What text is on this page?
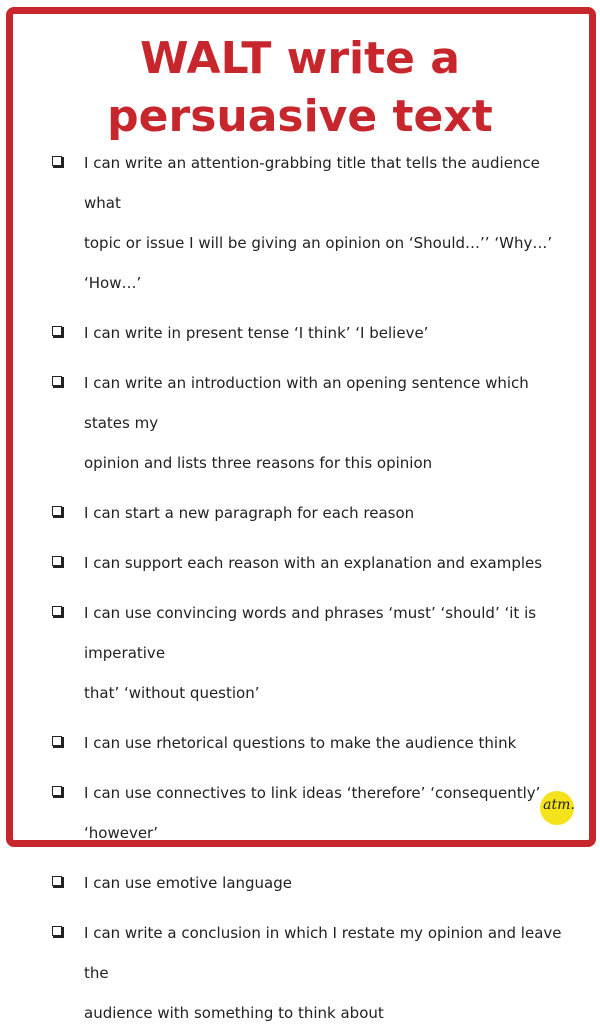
WALT write a
persuasive text
I can write an attention-grabbing title that tells the audience what
topic or issue I will be giving an opinion on ‘Should…’’ ‘Why…’ ‘How…’
I can write in present tense ‘I think’ ‘I believe’
I can write an introduction with an opening sentence which states my
opinion and lists three reasons for this opinion
I can start a new paragraph for each reason
I can support each reason with an explanation and examples
I can use convincing words and phrases ‘must’ ‘should’ ‘it is imperative
that’ ‘without question’
I can use rhetorical questions to make the audience think
I can use connectives to link ideas ‘therefore’ ‘consequently’
‘however’
I can use emotive language
I can write a conclusion in which I restate my opinion and leave the
audience with something to think about
atm.
